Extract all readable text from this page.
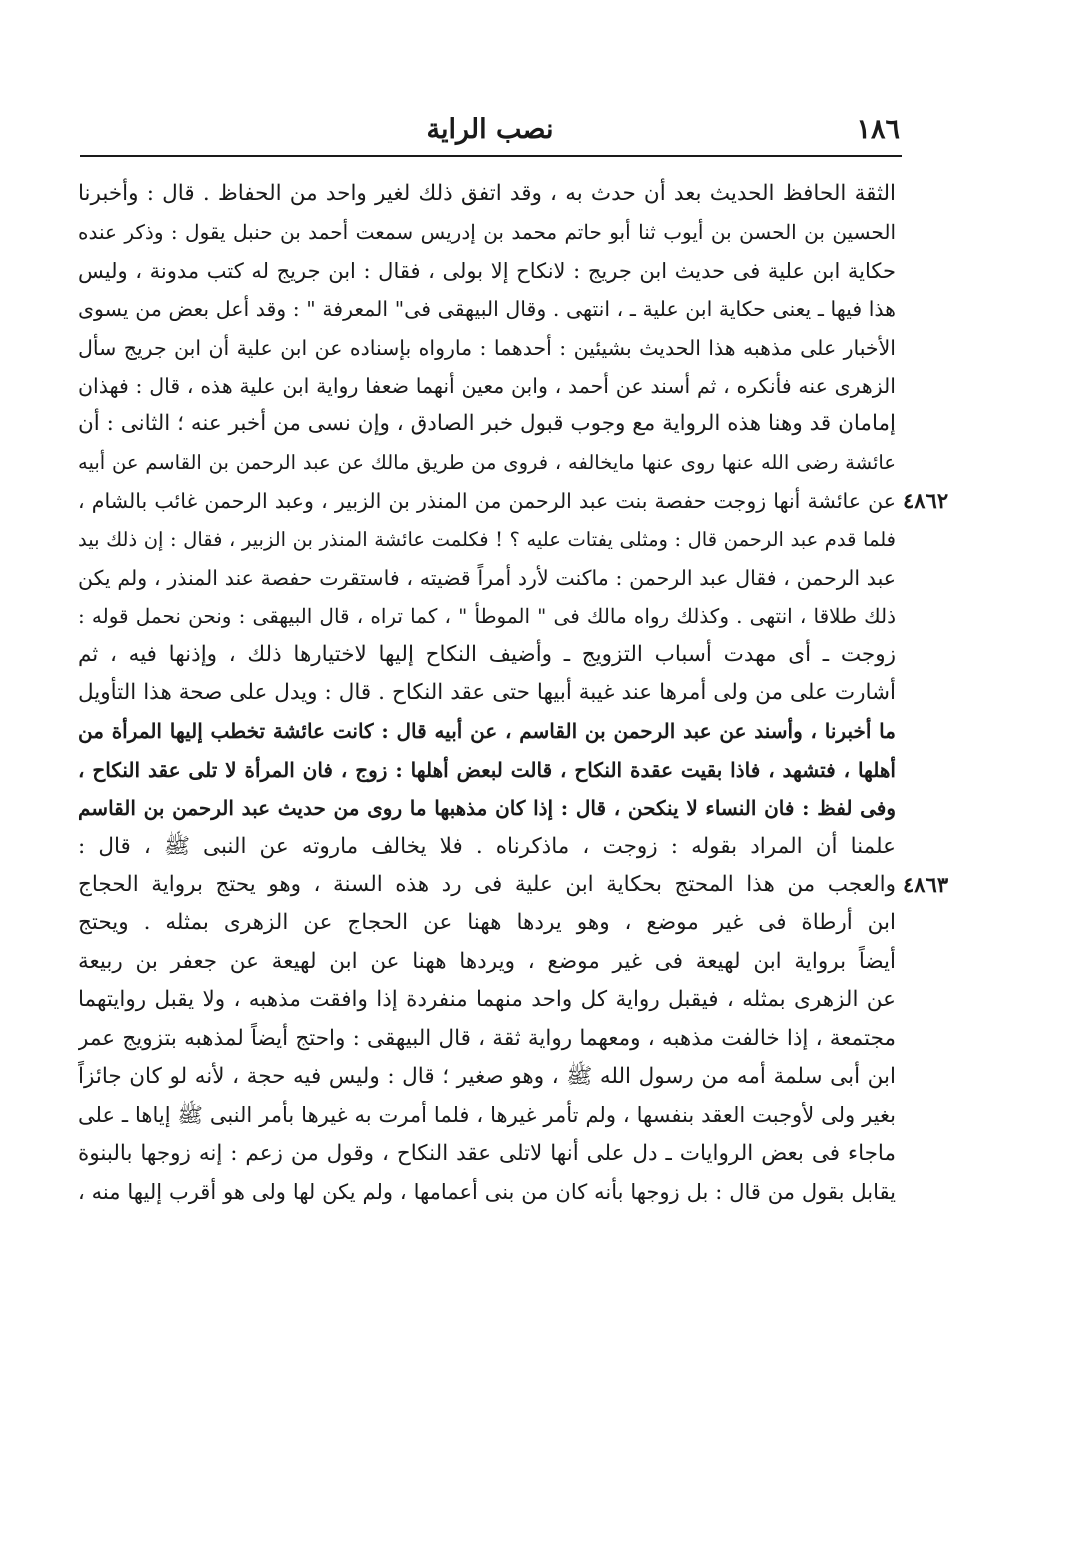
١٨٦
نصب الراية
الثقة الحافظ الحديث بعد أن حدث به ، وقد اتفق ذلك لغير واحد من الحفاظ . قال : وأخبرنا
الحسين بن الحسن بن أيوب ثنا أبو حاتم محمد بن إدريس سمعت أحمد بن حنبل يقول : وذكر عنده
حكاية ابن علية فى حديث ابن جريج : لانكاح إلا بولى ، فقال : ابن جريج له كتب مدونة ، وليس
هذا فيها ـ يعنى حكاية ابن علية ـ ، انتهى . وقال البيهقى فى" المعرفة " : وقد أعل بعض من يسوى
الأخبار على مذهبه هذا الحديث بشيئين : أحدهما : مارواه بإسناده عن ابن علية أن ابن جريج سأل
الزهرى عنه فأنكره ، ثم أسند عن أحمد ، وابن معين أنهما ضعفا رواية ابن علية هذه ، قال : فهذان
إمامان قد وهنا هذه الرواية مع وجوب قبول خبر الصادق ، وإن نسى من أخبر عنه ؛ الثانى : أن
عائشة رضى الله عنها روى عنها مايخالفه ، فروى من طريق مالك عن عبد الرحمن بن القاسم عن أبيه
عن عائشة أنها زوجت حفصة بنت عبد الرحمن من المنذر بن الزبير ، وعبد الرحمن غائب بالشام ،
فلما قدم عبد الرحمن قال : ومثلى يفتات عليه ؟ ! فكلمت عائشة المنذر بن الزبير ، فقال : إن ذلك بيد
عبد الرحمن ، فقال عبد الرحمن : ماكنت لأرد أمراً قضيته ، فاستقرت حفصة عند المنذر ، ولم يكن
ذلك طلاقا ، انتهى . وكذلك رواه مالك فى " الموطأ " ، كما تراه ، قال البيهقى : ونحن نحمل قوله :
زوجت ـ أى مهدت أسباب التزويج ـ وأضيف النكاح إليها لاختيارها ذلك ، وإذنها فيه ، ثم
أشارت على من ولى أمرها عند غيبة أبيها حتى عقد النكاح . قال : ويدل على صحة هذا التأويل
ما أخبرنا ، وأسند عن عبد الرحمن بن القاسم ، عن أبيه قال : كانت عائشة تخطب إليها المرأة من
أهلها ، فتشهد ، فاذا بقيت عقدة النكاح ، قالت لبعض أهلها : زوج ، فان المرأة لا تلى عقد النكاح ،
وفى لفظ : فان النساء لا ينكحن ، قال : إذا كان مذهبها ما روى من حديث عبد الرحمن بن القاسم
علمنا أن المراد بقوله : زوجت ، ماذكرناه . فلا يخالف ماروته عن النبى ﷺ ، قال :
والعجب من هذا المحتج بحكاية ابن علية فى رد هذه السنة ، وهو يحتج برواية الحجاج
ابن أرطاة فى غير موضع ، وهو يردها ههنا عن الحجاج عن الزهرى بمثله . ويحتج
أيضاً برواية ابن لهيعة فى غير موضع ، ويردها ههنا عن ابن لهيعة عن جعفر بن ربيعة
عن الزهرى بمثله ، فيقبل رواية كل واحد منهما منفردة إذا وافقت مذهبه ، ولا يقبل روايتهما
مجتمعة ، إذا خالفت مذهبه ، ومعهما رواية ثقة ، قال البيهقى : واحتج أيضاً لمذهبه بتزويج عمر
ابن أبى سلمة أمه من رسول الله ﷺ ، وهو صغير ؛ قال : وليس فيه حجة ، لأنه لو كان جائزاً
بغير ولى لأوجبت العقد بنفسها ، ولم تأمر غيرها ، فلما أمرت به غيرها بأمر النبى ﷺ إياها ـ على
ماجاء فى بعض الروايات ـ دل على أنها لاتلى عقد النكاح ، وقول من زعم : إنه زوجها بالبنوة
يقابل بقول من قال : بل زوجها بأنه كان من بنى أعمامها ، ولم يكن لها ولى هو أقرب إليها منه ،
٤٨٦٢
٤٨٦٣
